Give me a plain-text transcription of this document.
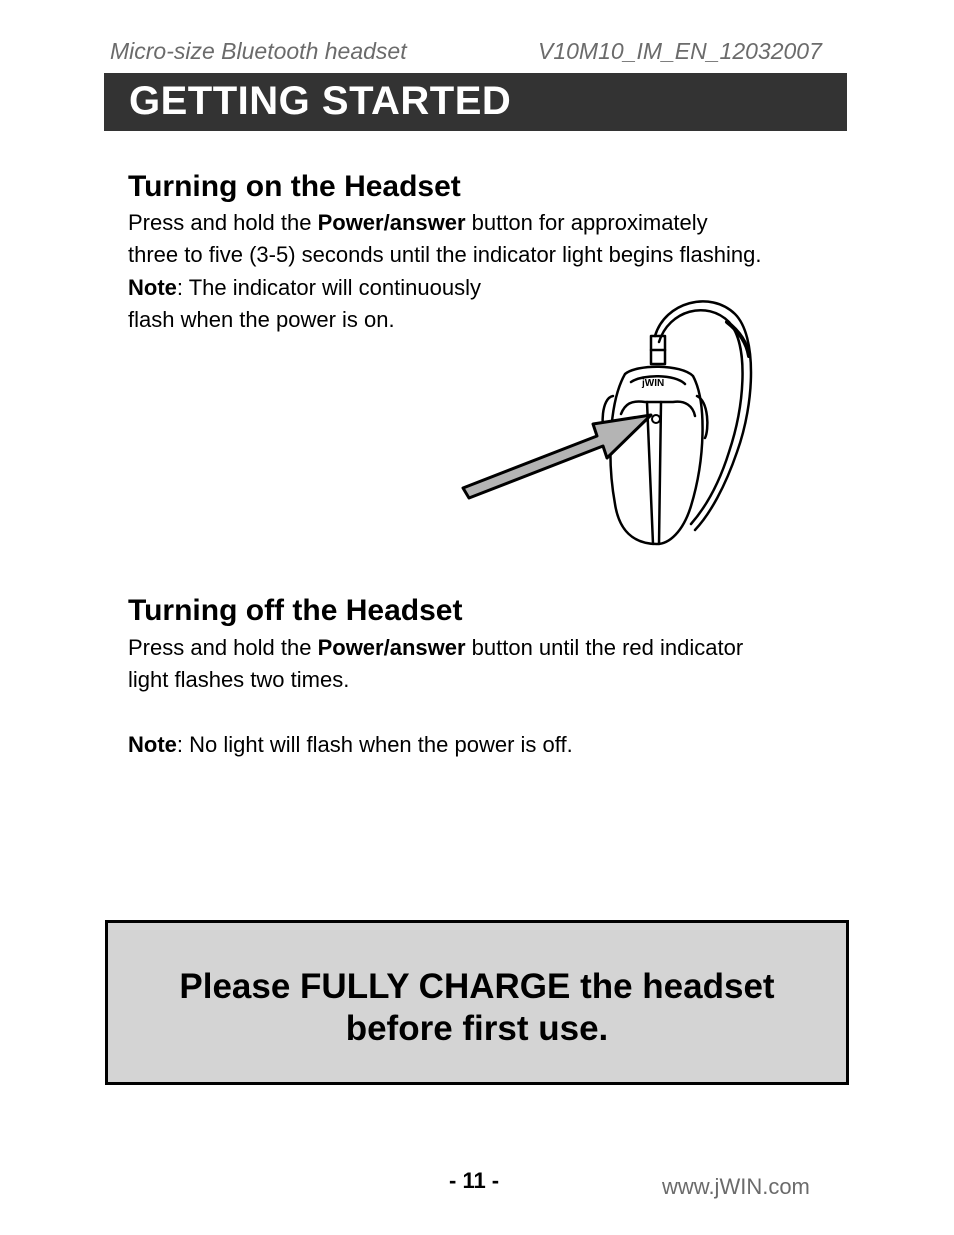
Micro-size Bluetooth headset	V10M10_IM_EN_12032007
GETTING STARTED
Turning on the Headset
Press and hold the Power/answer button for approximately
three to five (3-5) seconds until the indicator light begins flashing.
Note: The indicator will continuously
flash when the power is on.
jWIN
Turning off the Headset
Press and hold the Power/answer button until the red indicator
light flashes two times.
Note: No light will flash when the power is off.
Please FULLY CHARGE the headset
before first use.
- 11 -	www.jWIN.com
